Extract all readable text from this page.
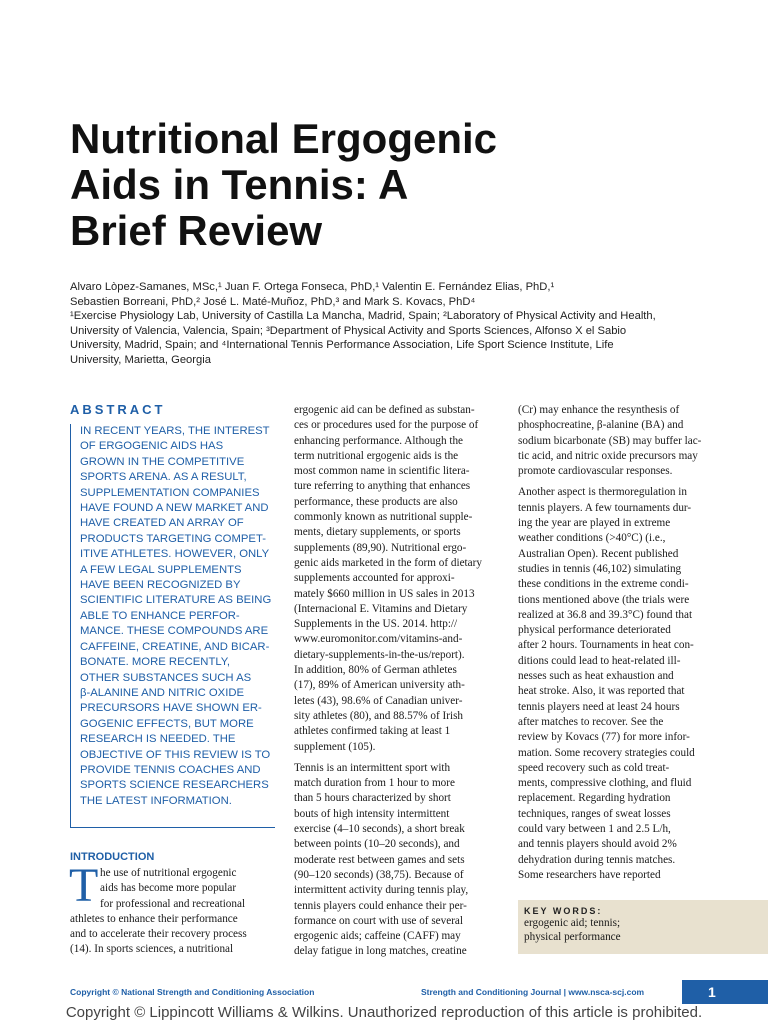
Nutritional Ergogenic
Aids in Tennis: A
Brief Review
Alvaro Lòpez-Samanes, MSc,¹ Juan F. Ortega Fonseca, PhD,¹ Valentin E. Fernández Elias, PhD,¹
Sebastien Borreani, PhD,² José L. Maté-Muñoz, PhD,³ and Mark S. Kovacs, PhD⁴
¹Exercise Physiology Lab, University of Castilla La Mancha, Madrid, Spain; ²Laboratory of Physical Activity and Health,
University of Valencia, Valencia, Spain; ³Department of Physical Activity and Sports Sciences, Alfonso X el Sabio
University, Madrid, Spain; and ⁴International Tennis Performance Association, Life Sport Science Institute, Life
University, Marietta, Georgia
ABSTRACT
IN RECENT YEARS, THE INTEREST
OF ERGOGENIC AIDS HAS
GROWN IN THE COMPETITIVE
SPORTS ARENA. AS A RESULT,
SUPPLEMENTATION COMPANIES
HAVE FOUND A NEW MARKET AND
HAVE CREATED AN ARRAY OF
PRODUCTS TARGETING COMPET-
ITIVE ATHLETES. HOWEVER, ONLY
A FEW LEGAL SUPPLEMENTS
HAVE BEEN RECOGNIZED BY
SCIENTIFIC LITERATURE AS BEING
ABLE TO ENHANCE PERFOR-
MANCE. THESE COMPOUNDS ARE
CAFFEINE, CREATINE, AND BICAR-
BONATE. MORE RECENTLY,
OTHER SUBSTANCES SUCH AS
β-ALANINE AND NITRIC OXIDE
PRECURSORS HAVE SHOWN ER-
GOGENIC EFFECTS, BUT MORE
RESEARCH IS NEEDED. THE
OBJECTIVE OF THIS REVIEW IS TO
PROVIDE TENNIS COACHES AND
SPORTS SCIENCE RESEARCHERS
THE LATEST INFORMATION.
INTRODUCTION
T he use of nutritional ergogenic
aids has become more popular
for professional and recreational
athletes to enhance their performance
and to accelerate their recovery process
(14). In sports sciences, a nutritional
ergogenic aid can be defined as substan-
ces or procedures used for the purpose of
enhancing performance. Although the
term nutritional ergogenic aids is the
most common name in scientific litera-
ture referring to anything that enhances
performance, these products are also
commonly known as nutritional supple-
ments, dietary supplements, or sports
supplements (89,90). Nutritional ergo-
genic aids marketed in the form of dietary
supplements accounted for approxi-
mately $660 million in US sales in 2013
(Internacional E. Vitamins and Dietary
Supplements in the US. 2014. http://
www.euromonitor.com/vitamins-and-
dietary-supplements-in-the-us/report).
In addition, 80% of German athletes
(17), 89% of American university ath-
letes (43), 98.6% of Canadian univer-
sity athletes (80), and 88.57% of Irish
athletes confirmed taking at least 1
supplement (105).
Tennis is an intermittent sport with
match duration from 1 hour to more
than 5 hours characterized by short
bouts of high intensity intermittent
exercise (4–10 seconds), a short break
between points (10–20 seconds), and
moderate rest between games and sets
(90–120 seconds) (38,75). Because of
intermittent activity during tennis play,
tennis players could enhance their per-
formance on court with use of several
ergogenic aids; caffeine (CAFF) may
delay fatigue in long matches, creatine
(Cr) may enhance the resynthesis of
phosphocreatine, β-alanine (BA) and
sodium bicarbonate (SB) may buffer lac-
tic acid, and nitric oxide precursors may
promote cardiovascular responses.
Another aspect is thermoregulation in
tennis players. A few tournaments dur-
ing the year are played in extreme
weather conditions (>40°C) (i.e.,
Australian Open). Recent published
studies in tennis (46,102) simulating
these conditions in the extreme condi-
tions mentioned above (the trials were
realized at 36.8 and 39.3°C) found that
physical performance deteriorated
after 2 hours. Tournaments in heat con-
ditions could lead to heat-related ill-
nesses such as heat exhaustion and
heat stroke. Also, it was reported that
tennis players need at least 24 hours
after matches to recover. See the
review by Kovacs (77) for more infor-
mation. Some recovery strategies could
speed recovery such as cold treat-
ments, compressive clothing, and fluid
replacement. Regarding hydration
techniques, ranges of sweat losses
could vary between 1 and 2.5 L/h,
and tennis players should avoid 2%
dehydration during tennis matches.
Some researchers have reported
KEY WORDS:
ergogenic aid; tennis;
physical performance
Copyright © National Strength and Conditioning Association	Strength and Conditioning Journal | www.nsca-scj.com	1
Copyright © Lippincott Williams & Wilkins. Unauthorized reproduction of this article is prohibited.
